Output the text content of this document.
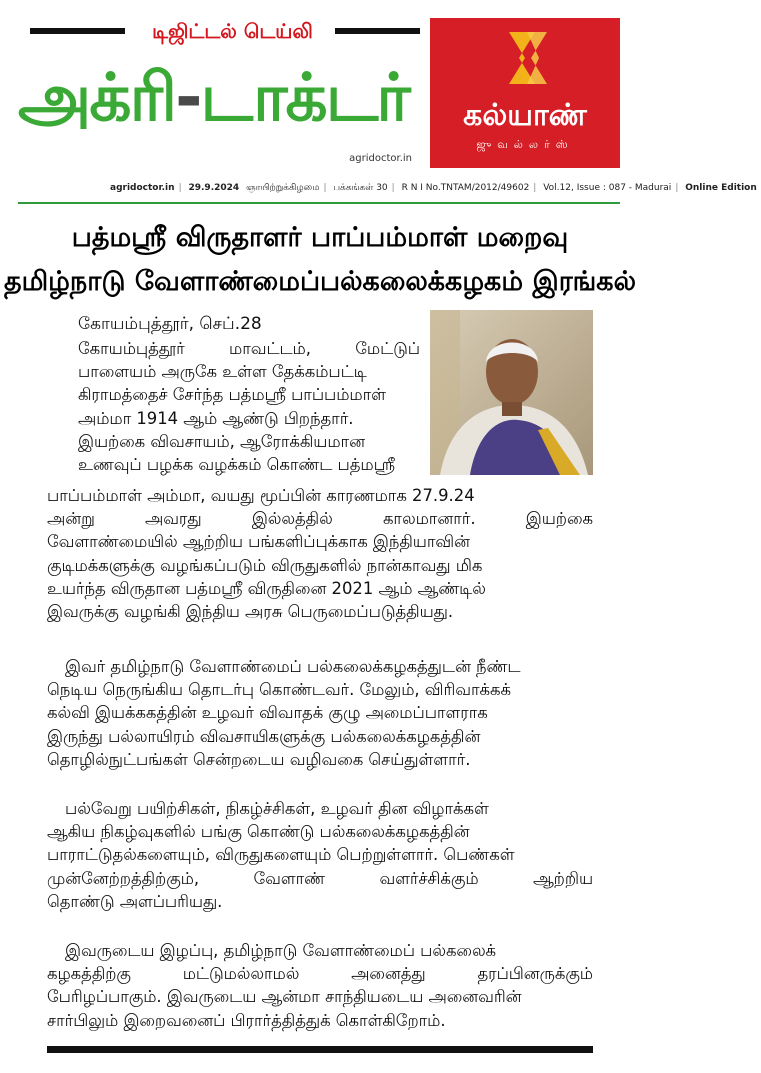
டிஜிட்டல் டெய்லி
அக்ரி-டாக்டர்
agridoctor.in
கல்யாண்
ஜுவல்லர்ஸ்
agridoctor.in | 29.9.2024 ஞாயிற்றுக்கிழமை | பக்கங்கள் 30 | R N I No.TNTAM/2012/49602 | Vol.12, Issue : 087 - Madurai | Online Edition
பத்மஸ்ரீ விருதாளர் பாப்பம்மாள் மறைவு
தமிழ்நாடு வேளாண்மைப்பல்கலைக்கழகம் இரங்கல்
கோயம்புத்தூர், செப்.28
கோயம்புத்தூர்	மாவட்டம்,	மேட்டுப்
பாளையம் அருகே உள்ள தேக்கம்பட்டி
கிராமத்தைச் சேர்ந்த பத்மஸ்ரீ பாப்பம்மாள்
அம்மா 1914 ஆம் ஆண்டு பிறந்தார்.
இயற்கை விவசாயம், ஆரோக்கியமான
உணவுப் பழக்க வழக்கம் கொண்ட பத்மஸ்ரீ
பாப்பம்மாள் அம்மா, வயது மூப்பின் காரணமாக 27.9.24
அன்று	அவரது	இல்லத்தில்	காலமானார்.	இயற்கை
வேளாண்மையில் ஆற்றிய பங்களிப்புக்காக இந்தியாவின்
குடிமக்களுக்கு வழங்கப்படும் விருதுகளில் நான்காவது மிக
உயர்ந்த விருதான பத்மஸ்ரீ விருதினை 2021 ஆம் ஆண்டில்
இவருக்கு வழங்கி இந்திய அரசு பெருமைப்படுத்தியது.
இவர் தமிழ்நாடு வேளாண்மைப் பல்கலைக்கழகத்துடன் நீண்ட
நெடிய நெருங்கிய தொடர்பு கொண்டவர். மேலும், விரிவாக்கக்
கல்வி இயக்ககத்தின் உழவர் விவாதக் குழு அமைப்பாளராக
இருந்து பல்லாயிரம் விவசாயிகளுக்கு பல்கலைக்கழகத்தின்
தொழில்நுட்பங்கள் சென்றடைய வழிவகை செய்துள்ளார்.
பல்வேறு பயிற்சிகள், நிகழ்ச்சிகள், உழவர் தின விழாக்கள்
ஆகிய நிகழ்வுகளில் பங்கு கொண்டு பல்கலைக்கழகத்தின்
பாராட்டுதல்களையும், விருதுகளையும் பெற்றுள்ளார். பெண்கள்
முன்னேற்றத்திற்கும்,	வேளாண்	வளர்ச்சிக்கும்	ஆற்றிய
தொண்டு அளப்பரியது.
இவருடைய இழப்பு, தமிழ்நாடு வேளாண்மைப் பல்கலைக்
கழகத்திற்கு	மட்டுமல்லாமல்	அனைத்து	தரப்பினருக்கும்
பேரிழப்பாகும். இவருடைய ஆன்மா சாந்தியடைய அனைவரின்
சார்பிலும் இறைவனைப் பிரார்த்தித்துக் கொள்கிறோம்.
